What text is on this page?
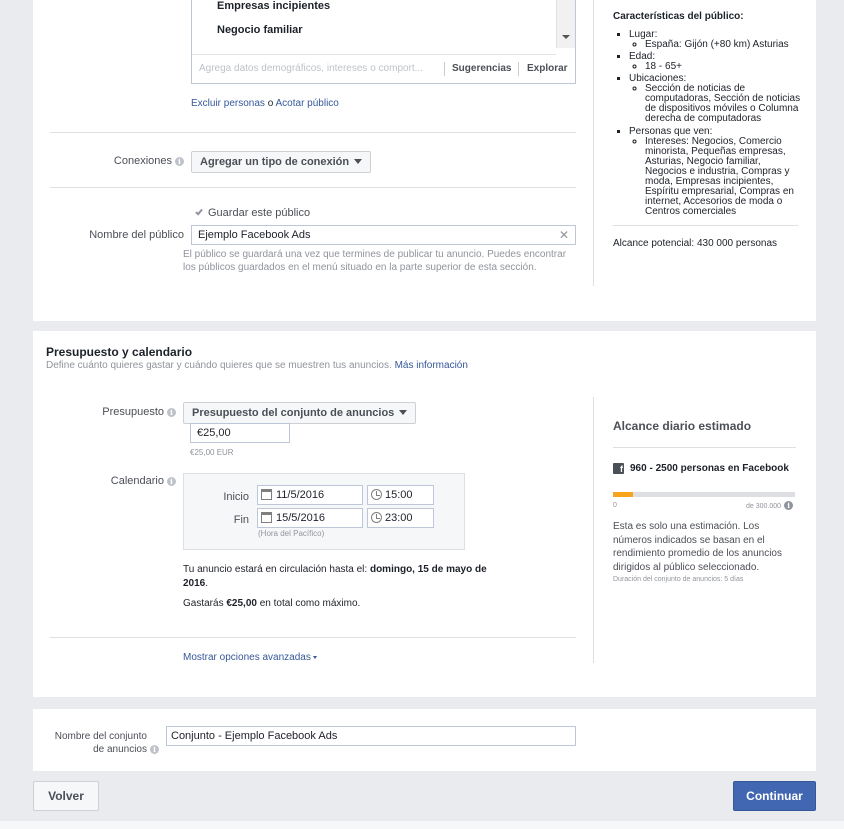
Empresas incipientes
Negocio familiar
Agrega datos demográficos, intereses o comport...	Sugerencias Explorar
Excluir personas o Acotar público
Conexiones i	Agregar un tipo de conexión
Guardar este público
Nombre del público	Ejemplo Facebook Ads	✕
El público se guardará una vez que termines de publicar tu anuncio. Puedes encontrar los públicos guardados en el menú situado en la parte superior de esta sección.
Características del público:
▪ Lugar:
◦ España: Gijón (+80 km) Asturias
▪ Edad:
◦ 18 - 65+
▪ Ubicaciones:
◦ Sección de noticias de computadoras, Sección de noticias de dispositivos móviles o Columna derecha de computadoras
▪ Personas que ven:
◦ Intereses: Negocios, Comercio minorista, Pequeñas empresas, Asturias, Negocio familiar, Negocios e industria, Compras y moda, Empresas incipientes, Espíritu empresarial, Compras en internet, Accesorios de moda o Centros comerciales
Alcance potencial: 430 000 personas
Presupuesto y calendario
Define cuánto quieres gastar y cuándo quieres que se muestren tus anuncios. Más información
Presupuesto i	Presupuesto del conjunto de anuncios
€25,00
€25,00 EUR
Calendario i
Inicio	11/5/2016	15:00
Fin	15/5/2016	23:00
(Hora del Pacífico)
Tu anuncio estará en circulación hasta el: domingo, 15 de mayo de 2016.
Gastarás €25,00 en total como máximo.
Mostrar opciones avanzadas
Alcance diario estimado
f 960 - 2500 personas en Facebook
0	de 300.000 i
Esta es solo una estimación. Los números indicados se basan en el rendimiento promedio de los anuncios dirigidos al público seleccionado.
Duración del conjunto de anuncios: 5 días
Nombre del conjunto
de anuncios i
Conjunto - Ejemplo Facebook Ads
Volver	Continuar
